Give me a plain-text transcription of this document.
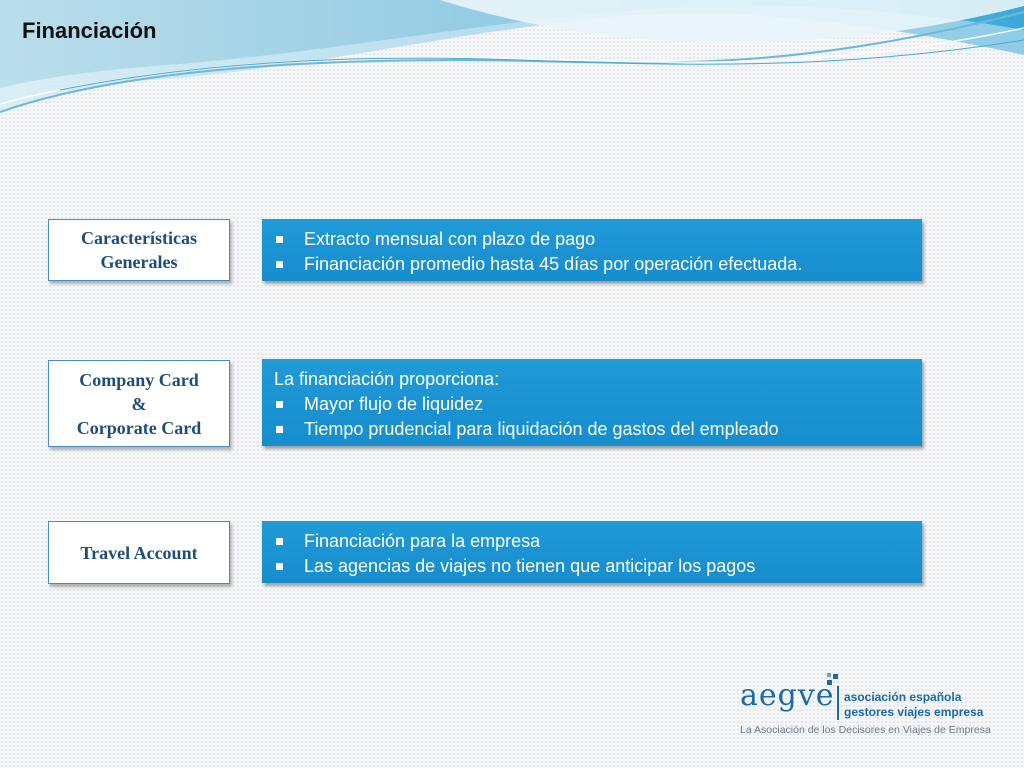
Financiación
Características
Generales
Extracto mensual con plazo de pago
Financiación promedio hasta 45 días por operación efectuada.
Company Card
&
Corporate Card
La financiación proporciona:
Mayor flujo de liquidez
Tiempo prudencial para liquidación de gastos del empleado
Travel Account
Financiación para la empresa
Las agencias de viajes no tienen que anticipar los pagos
aegve asociación española
gestores viajes empresa
La Asociación de los Decisores en Viajes de Empresa
